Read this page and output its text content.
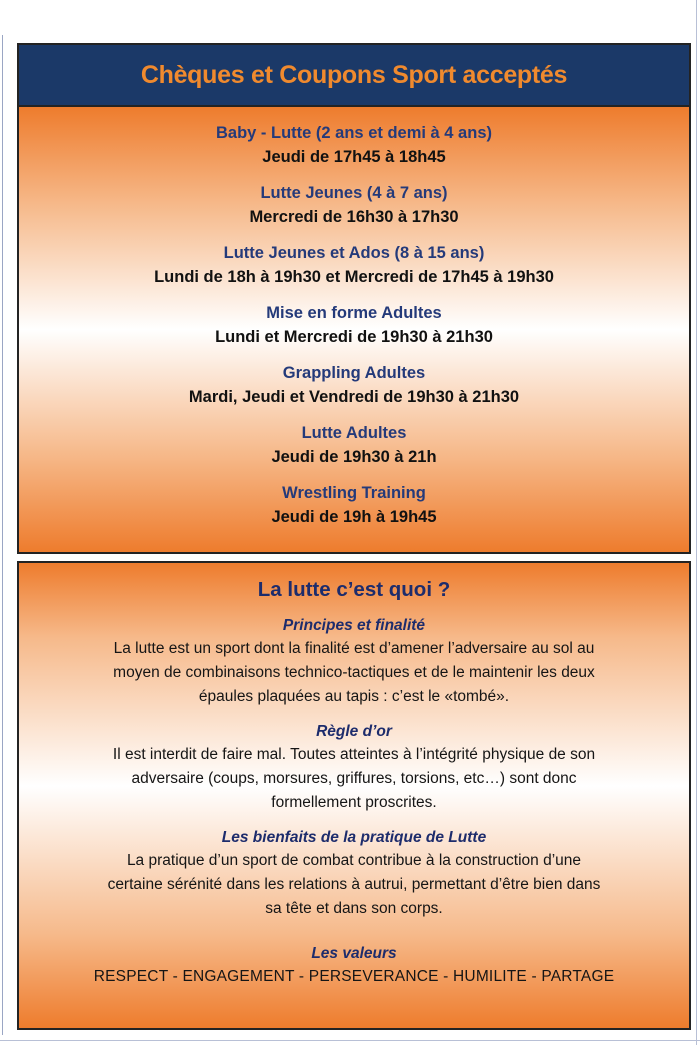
Chèques et Coupons Sport acceptés
Baby - Lutte (2 ans et demi à 4 ans)
Jeudi de 17h45 à 18h45
Lutte Jeunes (4 à 7 ans)
Mercredi de 16h30 à 17h30
Lutte Jeunes et Ados (8 à 15 ans)
Lundi de 18h à 19h30 et Mercredi de 17h45 à 19h30
Mise en forme Adultes
Lundi et Mercredi de 19h30 à 21h30
Grappling Adultes
Mardi, Jeudi et Vendredi de 19h30 à 21h30
Lutte Adultes
Jeudi de 19h30 à 21h
Wrestling Training
Jeudi de 19h à 19h45
La lutte c’est quoi ?
Principes et finalité
La lutte est un sport dont la finalité est d’amener l’adversaire au sol au
moyen de combinaisons technico-tactiques et de le maintenir les deux
épaules plaquées au tapis : c’est le «tombé».
Règle d’or
Il est interdit de faire mal. Toutes atteintes à l’intégrité physique de son
adversaire (coups, morsures, griffures, torsions, etc…) sont donc
formellement proscrites.
Les bienfaits de la pratique de Lutte
La pratique d’un sport de combat contribue à la construction d’une
certaine sérénité dans les relations à autrui, permettant d’être bien dans
sa tête et dans son corps.
Les valeurs
RESPECT - ENGAGEMENT - PERSEVERANCE - HUMILITE - PARTAGE
